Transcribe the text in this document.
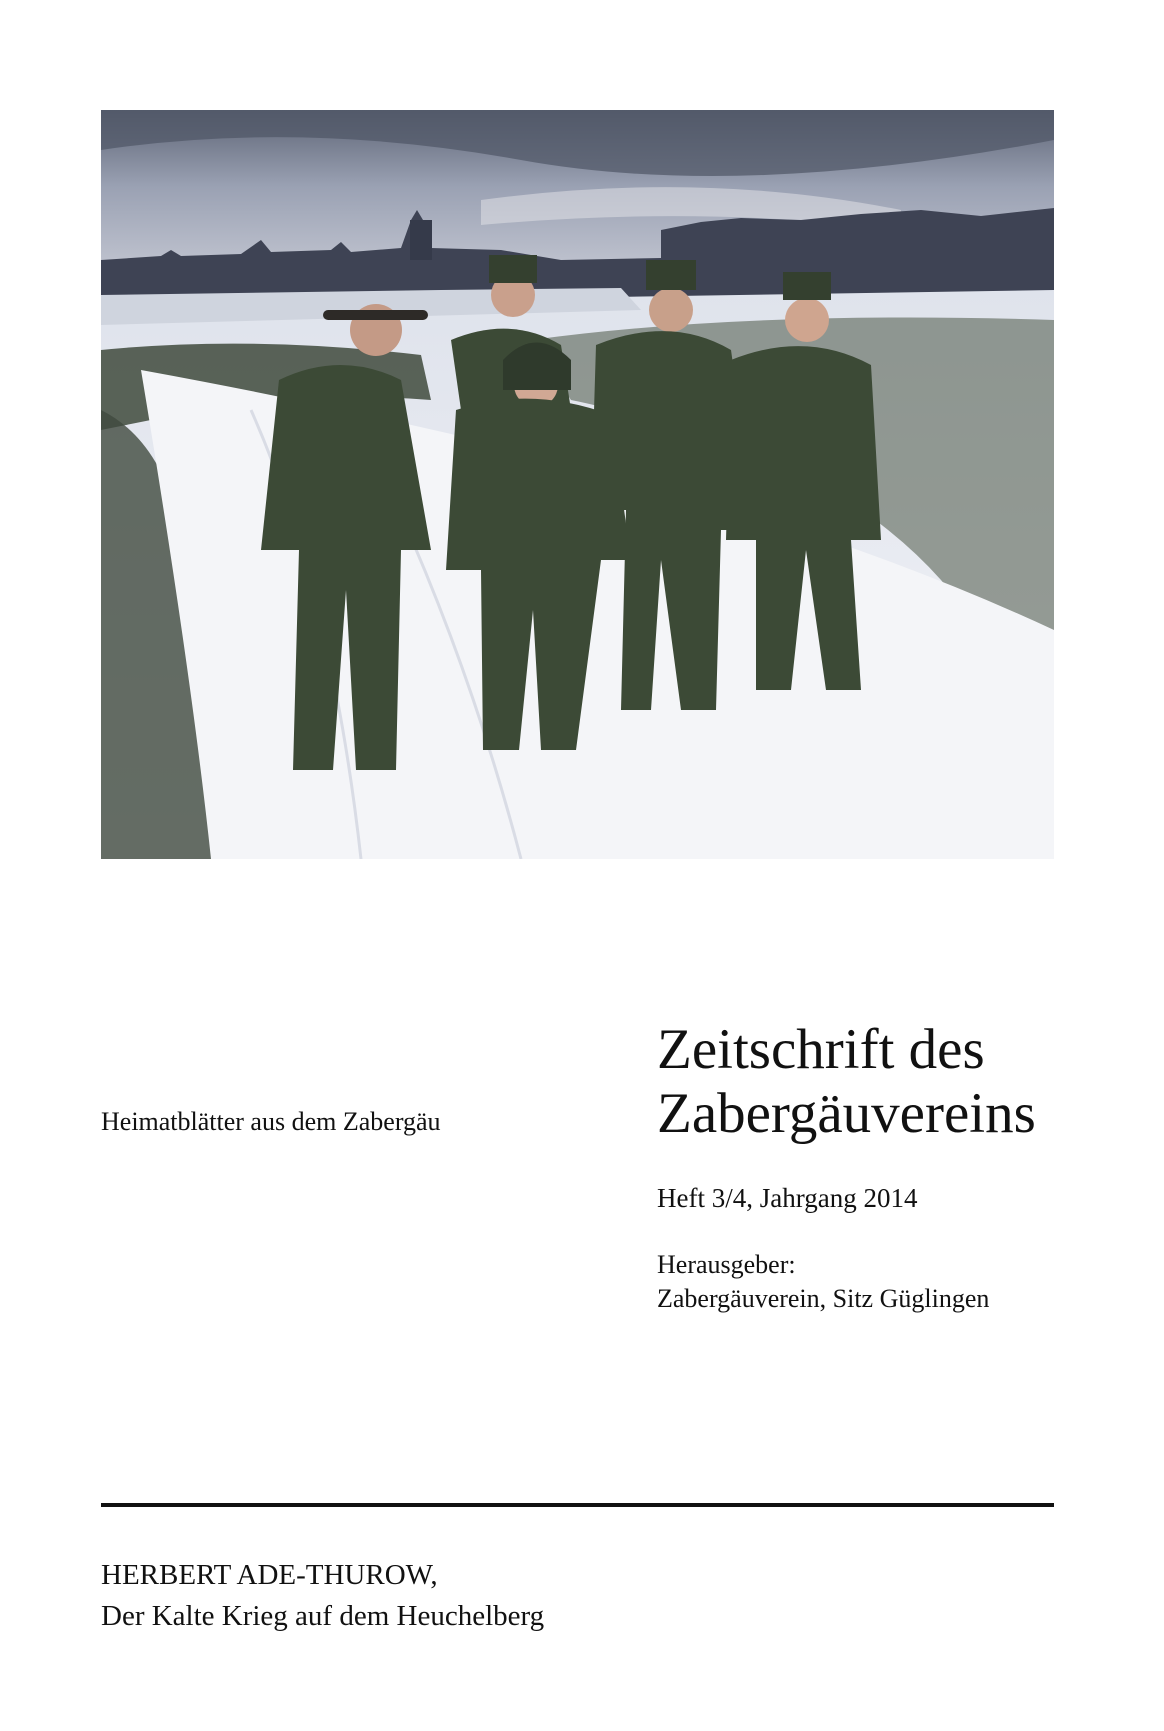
Heimatblätter aus dem Zabergäu
Zeitschrift des
Zabergäuvereins
Heft 3/4, Jahrgang 2014
Herausgeber:
Zabergäuverein, Sitz Güglingen
HERBERT ADE-THUROW,
Der Kalte Krieg auf dem Heuchelberg
